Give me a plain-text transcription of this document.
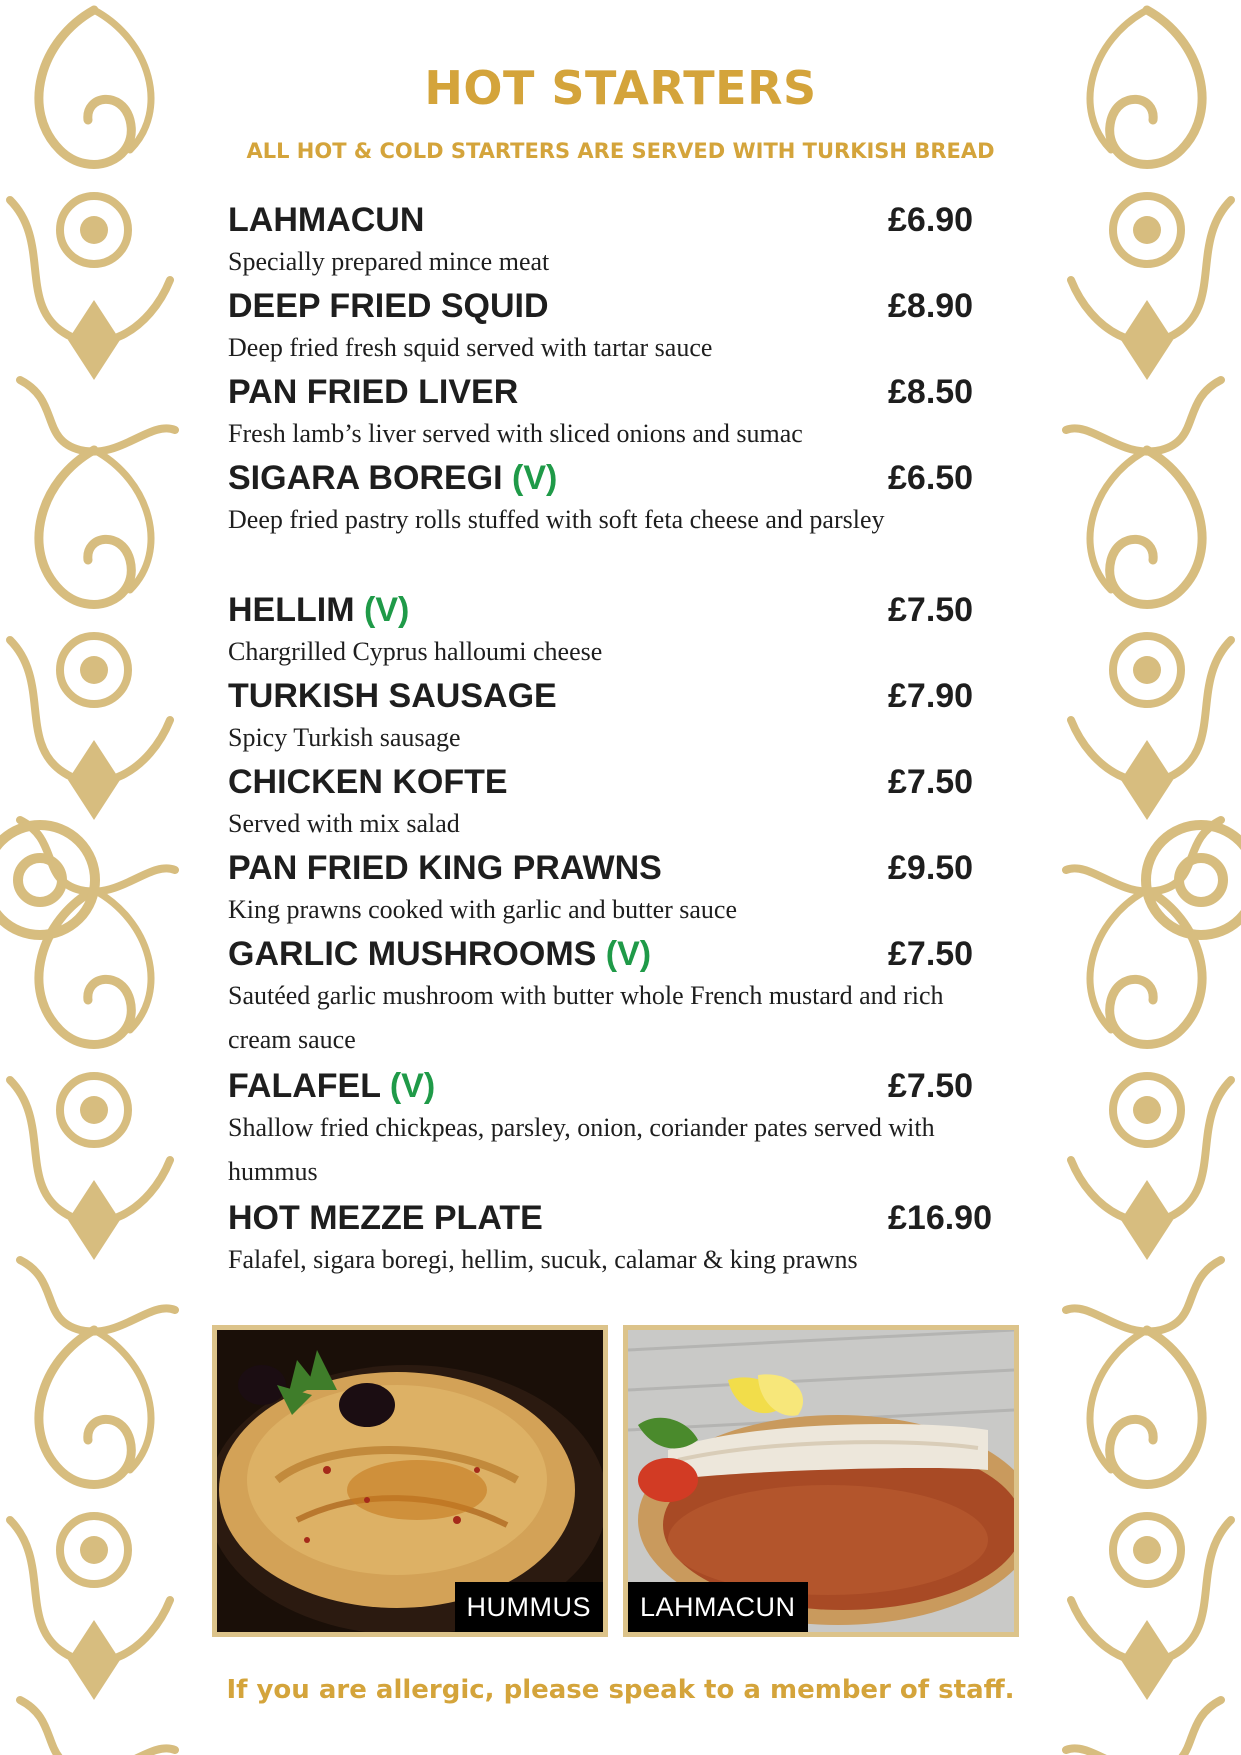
HOT STARTERS
ALL HOT & COLD STARTERS ARE SERVED WITH TURKISH BREAD
LAHMACUN	£6.90
Specially prepared mince meat
DEEP FRIED SQUID	£8.90
Deep fried fresh squid served with tartar sauce
PAN FRIED LIVER	£8.50
Fresh lamb’s liver served with sliced onions and sumac
SIGARA BOREGI (V)	£6.50
Deep fried pastry rolls stuffed with soft feta cheese and parsley
HELLIM (V)	£7.50
Chargrilled Cyprus halloumi cheese
TURKISH SAUSAGE	£7.90
Spicy Turkish sausage
CHICKEN KOFTE	£7.50
Served with mix salad
PAN FRIED KING PRAWNS	£9.50
King prawns cooked with garlic and butter sauce
GARLIC MUSHROOMS (V)	£7.50
Sautéed garlic mushroom with butter whole French mustard and rich cream sauce
FALAFEL (V)	£7.50
Shallow fried chickpeas, parsley, onion, coriander pates served with hummus
HOT MEZZE PLATE	£16.90
Falafel, sigara boregi, hellim, sucuk, calamar & king prawns
HUMMUS	LAHMACUN
If you are allergic, please speak to a member of staff.
